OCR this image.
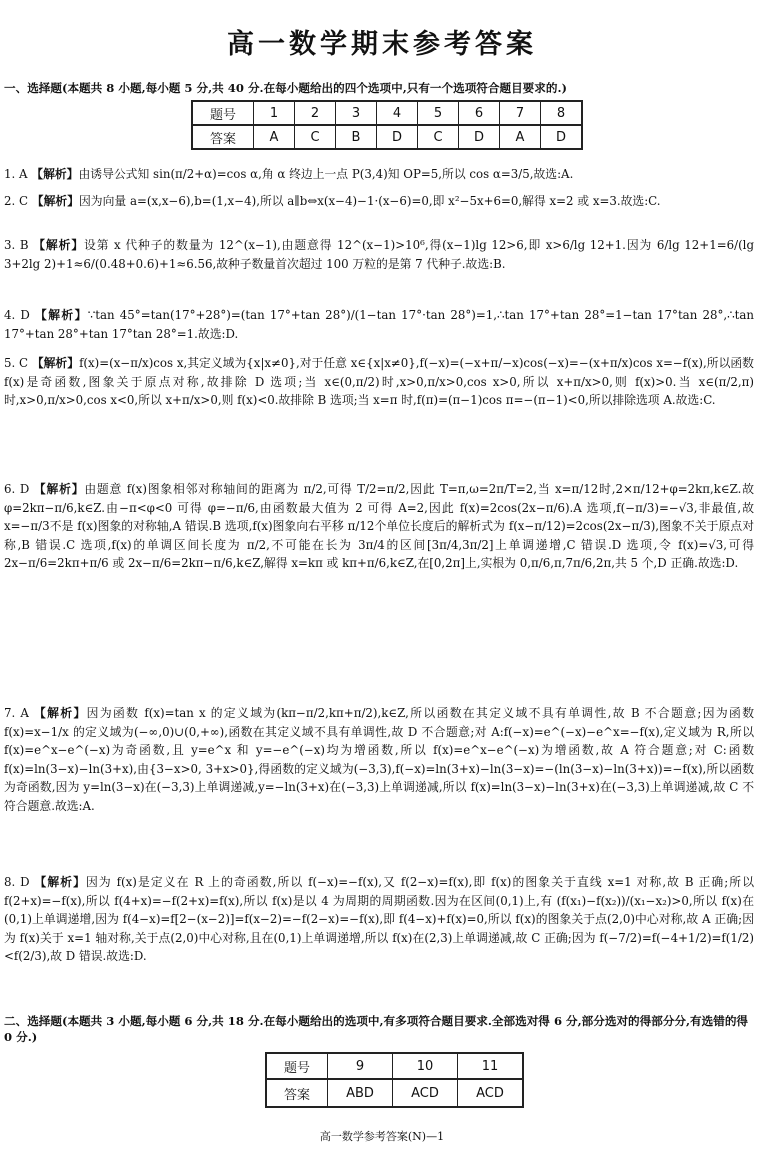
高一数学期末参考答案
一、选择题(本题共 8 小题,每小题 5 分,共 40 分.在每小题给出的四个选项中,只有一个选项符合题目要求的.)
题号	1	2	3	4	5	6	7	8
答案	A	C	B	D	C	D	A	D
1. A 【解析】由诱导公式知 sin(π/2+α)=cos α,角 α 终边上一点 P(3,4)知 OP=5,所以 cos α=3/5,故选:A.
2. C 【解析】因为向量 a=(x,x−6),b=(1,x−4),所以 a∥b⇔x(x−4)−1·(x−6)=0,即 x²−5x+6=0,解得 x=2 或 x=3.故选:C.
3. B 【解析】设第 x 代种子的数量为 12^(x−1),由题意得 12^(x−1)>10⁶,得(x−1)lg 12>6,即 x>6/lg 12+1.因为 6/lg 12+1=6/(lg 3+2lg 2)+1≈6/(0.48+0.6)+1≈6.56,故种子数量首次超过 100 万粒的是第 7 代种子.故选:B.
4. D 【解析】∵tan 45°=tan(17°+28°)=(tan 17°+tan 28°)/(1−tan 17°·tan 28°)=1,∴tan 17°+tan 28°=1−tan 17°tan 28°,∴tan 17°+tan 28°+tan 17°tan 28°=1.故选:D.
5. C 【解析】f(x)=(x−π/x)cos x,其定义域为{x|x≠0},对于任意 x∈{x|x≠0},f(−x)=(−x+π/−x)cos(−x)=−(x+π/x)cos x=−f(x),所以函数 f(x)是奇函数,图象关于原点对称,故排除 D 选项;当 x∈(0,π/2)时,x>0,π/x>0,cos x>0,所以 x+π/x>0,则 f(x)>0.当 x∈(π/2,π)时,x>0,π/x>0,cos x<0,所以 x+π/x>0,则 f(x)<0.故排除 B 选项;当 x=π 时,f(π)=(π−1)cos π=−(π−1)<0,所以排除选项 A.故选:C.
6. D 【解析】由题意 f(x)图象相邻对称轴间的距离为 π/2,可得 T/2=π/2,因此 T=π,ω=2π/T=2,当 x=π/12时,2×π/12+φ=2kπ,k∈Z.故 φ=2kπ−π/6,k∈Z.由−π<φ<0 可得 φ=−π/6,由函数最大值为 2 可得 A=2,因此 f(x)=2cos(2x−π/6).A 选项,f(−π/3)=−√3,非最值,故 x=−π/3不是 f(x)图象的对称轴,A 错误.B 选项,f(x)图象向右平移 π/12个单位长度后的解析式为 f(x−π/12)=2cos(2x−π/3),图象不关于原点对称,B 错误.C 选项,f(x)的单调区间长度为 π/2,不可能在长为 3π/4的区间[3π/4,3π/2]上单调递增,C 错误.D 选项,令 f(x)=√3,可得 2x−π/6=2kπ+π/6 或 2x−π/6=2kπ−π/6,k∈Z,解得 x=kπ 或 kπ+π/6,k∈Z,在[0,2π]上,实根为 0,π/6,π,7π/6,2π,共 5 个,D 正确.故选:D.
7. A 【解析】因为函数 f(x)=tan x 的定义域为(kπ−π/2,kπ+π/2),k∈Z,所以函数在其定义域不具有单调性,故 B 不合题意;因为函数 f(x)=x−1/x 的定义域为(−∞,0)∪(0,+∞),函数在其定义域不具有单调性,故 D 不合题意;对 A:f(−x)=e^(−x)−e^x=−f(x),定义域为 R,所以 f(x)=e^x−e^(−x)为奇函数,且 y=e^x 和 y=−e^(−x)均为增函数,所以 f(x)=e^x−e^(−x)为增函数,故 A 符合题意;对 C:函数 f(x)=ln(3−x)−ln(3+x),由{3−x>0, 3+x>0},得函数的定义域为(−3,3),f(−x)=ln(3+x)−ln(3−x)=−(ln(3−x)−ln(3+x))=−f(x),所以函数为奇函数,因为 y=ln(3−x)在(−3,3)上单调递减,y=−ln(3+x)在(−3,3)上单调递减,所以 f(x)=ln(3−x)−ln(3+x)在(−3,3)上单调递减,故 C 不符合题意.故选:A.
8. D 【解析】因为 f(x)是定义在 R 上的奇函数,所以 f(−x)=−f(x),又 f(2−x)=f(x),即 f(x)的图象关于直线 x=1 对称,故 B 正确;所以 f(2+x)=−f(x),所以 f(4+x)=−f(2+x)=f(x),所以 f(x)是以 4 为周期的周期函数.因为在区间(0,1)上,有 (f(x₁)−f(x₂))/(x₁−x₂)>0,所以 f(x)在(0,1)上单调递增,因为 f(4−x)=f[2−(x−2)]=f(x−2)=−f(2−x)=−f(x),即 f(4−x)+f(x)=0,所以 f(x)的图象关于点(2,0)中心对称,故 A 正确;因为 f(x)关于 x=1 轴对称,关于点(2,0)中心对称,且在(0,1)上单调递增,所以 f(x)在(2,3)上单调递减,故 C 正确;因为 f(−7/2)=f(−4+1/2)=f(1/2)<f(2/3),故 D 错误.故选:D.
二、选择题(本题共 3 小题,每小题 6 分,共 18 分.在每小题给出的选项中,有多项符合题目要求.全部选对得 6 分,部分选对的得部分分,有选错的得 0 分.)
题号	9	10	11
答案	ABD	ACD	ACD
高一数学参考答案(N)—1
